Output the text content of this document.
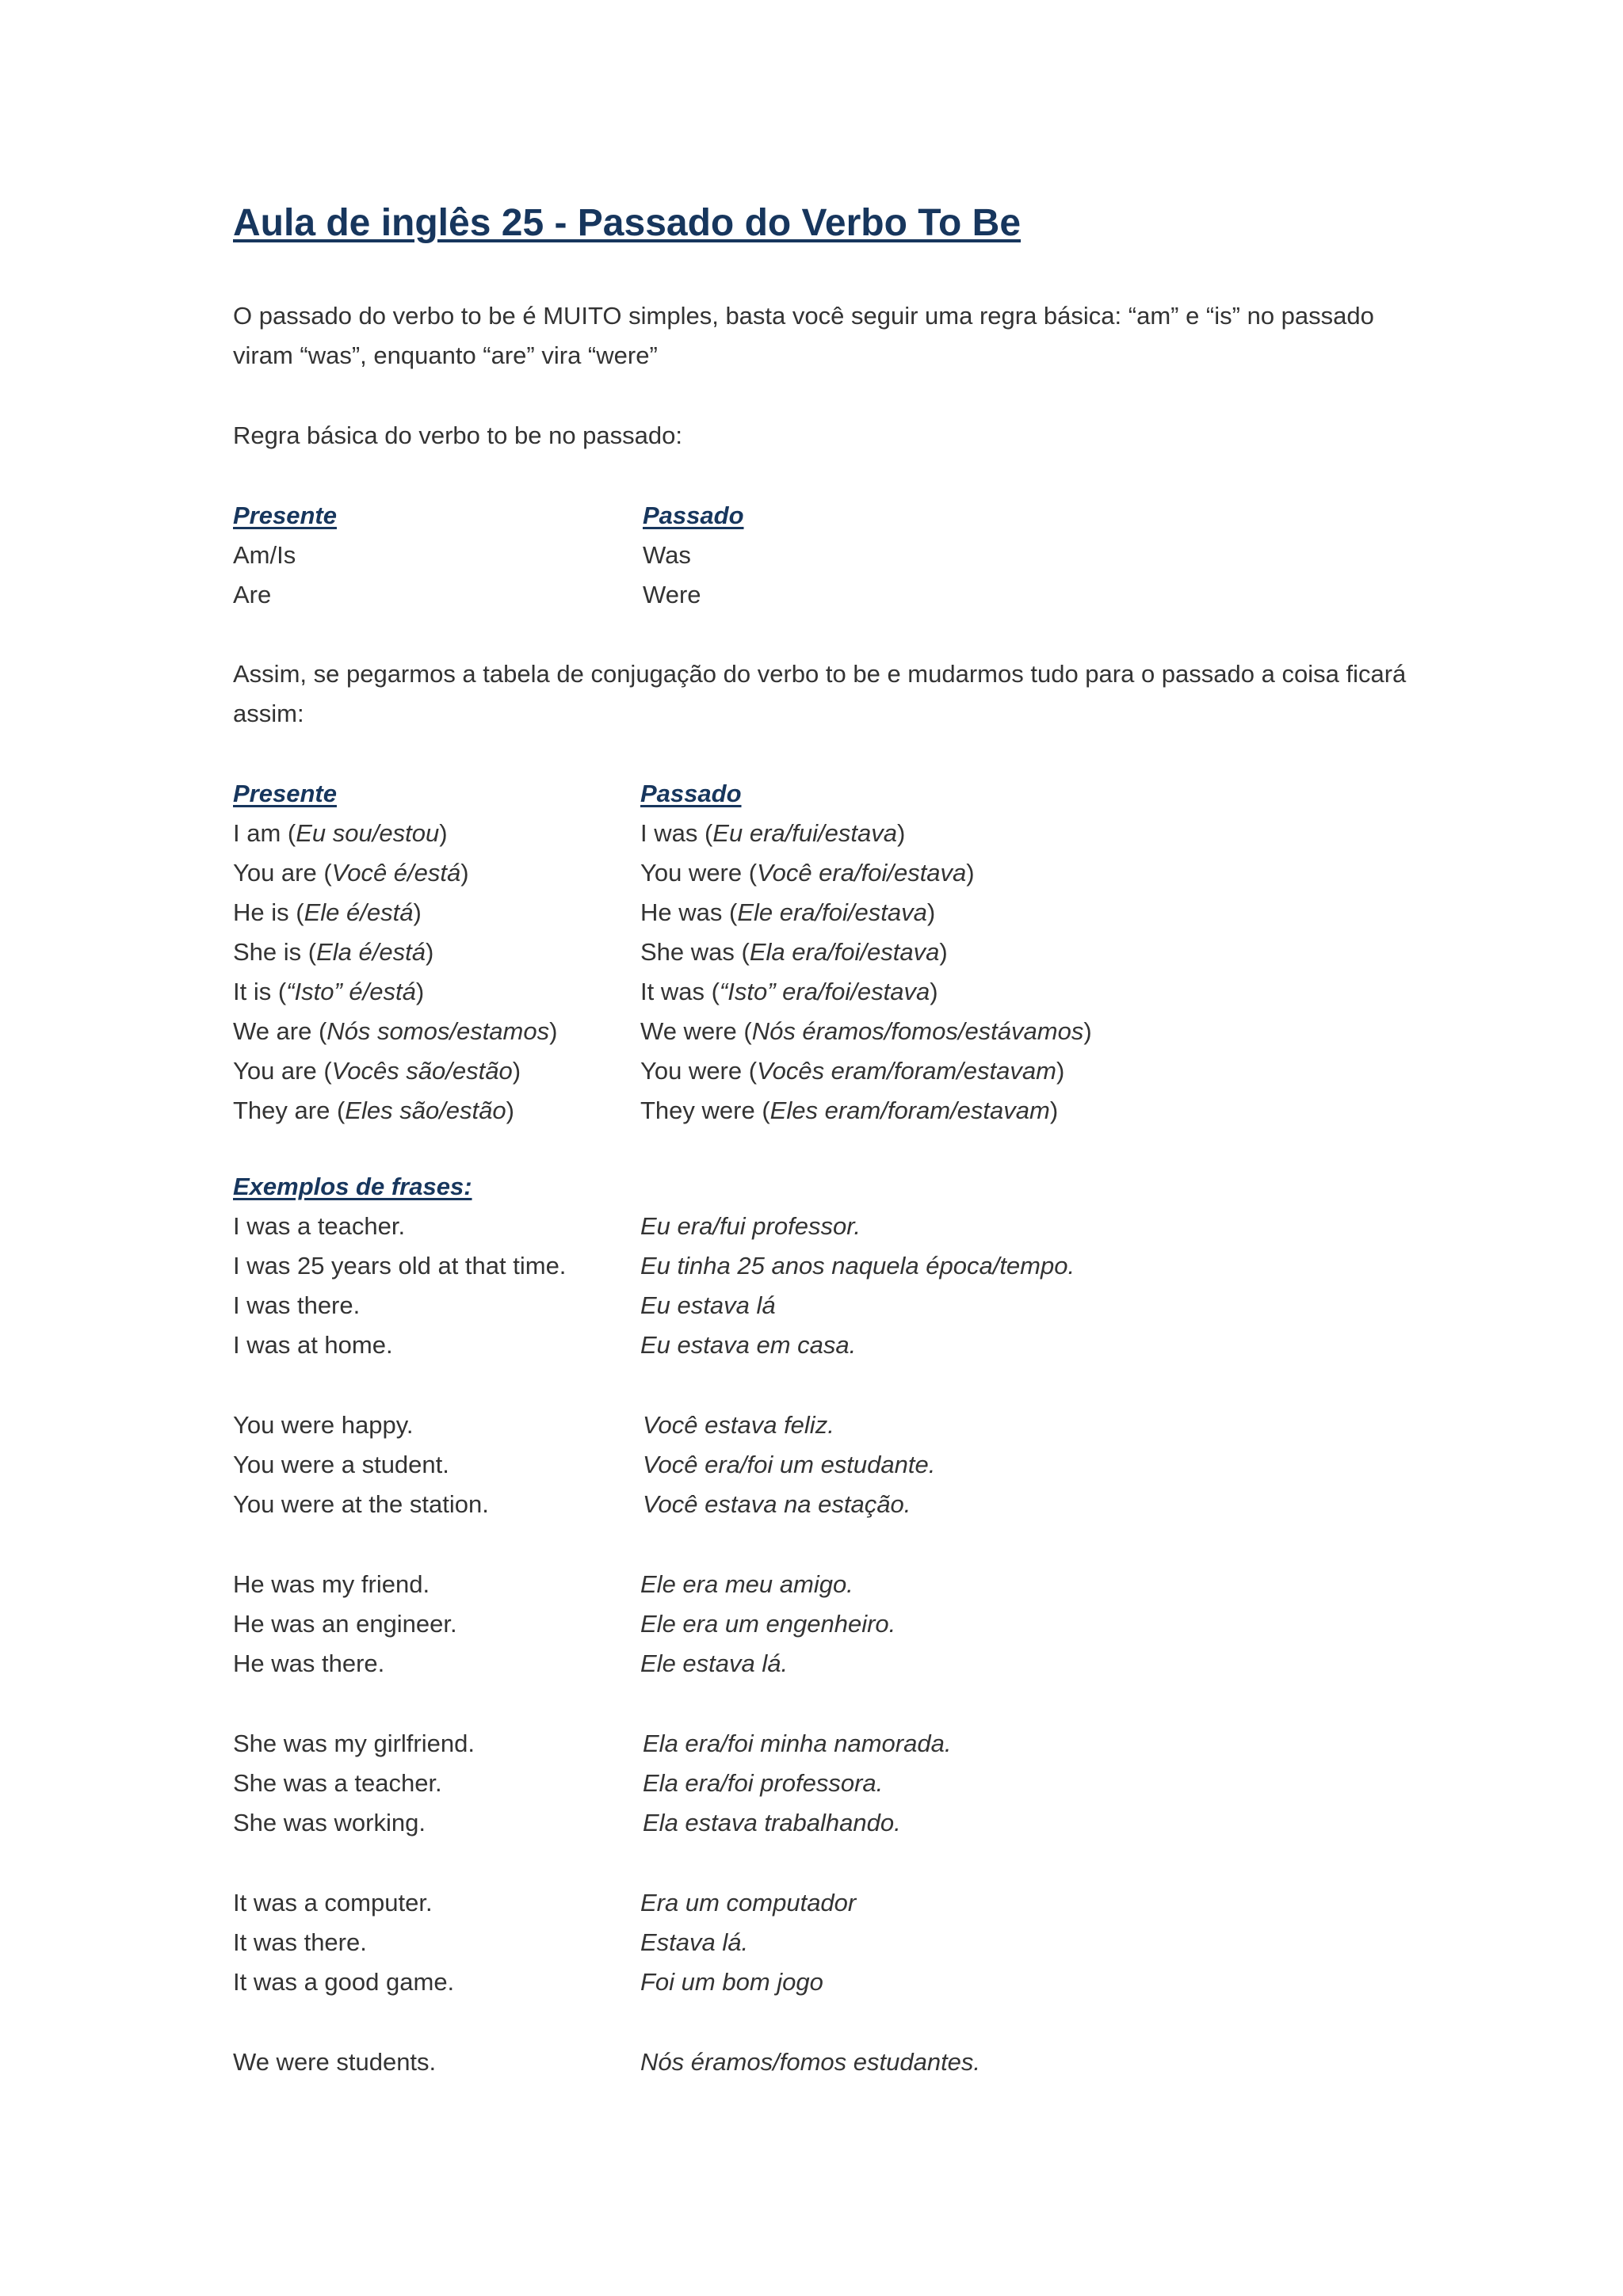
Aula de inglês 25 - Passado do Verbo To Be

O passado do verbo to be é MUITO simples, basta você seguir uma regra básica: “am” e “is” no passado viram “was”, enquanto “are” vira “were”

Regra básica do verbo to be no passado:

Presente	Passado
Am/Is	Was
Are	Were

Assim, se pegarmos a tabela de conjugação do verbo to be e mudarmos tudo para o passado a coisa ficará assim:

Presente	Passado
I am (Eu sou/estou)	I was (Eu era/fui/estava)
You are (Você é/está)	You were (Você era/foi/estava)
He is (Ele é/está)	He was (Ele era/foi/estava)
She is (Ela é/está)	She was (Ela era/foi/estava)
It is (“Isto” é/está)	It was (“Isto” era/foi/estava)
We are (Nós somos/estamos)	We were (Nós éramos/fomos/estávamos)
You are (Vocês são/estão)	You were (Vocês eram/foram/estavam)
They are (Eles são/estão)	They were (Eles eram/foram/estavam)
Exemplos de frases:
I was a teacher.	Eu era/fui professor.
I was 25 years old at that time.	Eu tinha 25 anos naquela época/tempo.
I was there.	Eu estava lá
I was at home.	Eu estava em casa.
You were happy.	Você estava feliz.
You were a student.	Você era/foi um estudante.
You were at the station.	Você estava na estação.
He was my friend.	Ele era meu amigo.
He was an engineer.	Ele era um engenheiro.
He was there.	Ele estava lá.
She was my girlfriend.	Ela era/foi minha namorada.
She was a teacher.	Ela era/foi professora.
She was working.	Ela estava trabalhando.
It was a computer.	Era um computador
It was there.	Estava lá.
It was a good game.	Foi um bom jogo
We were students.	Nós éramos/fomos estudantes.
